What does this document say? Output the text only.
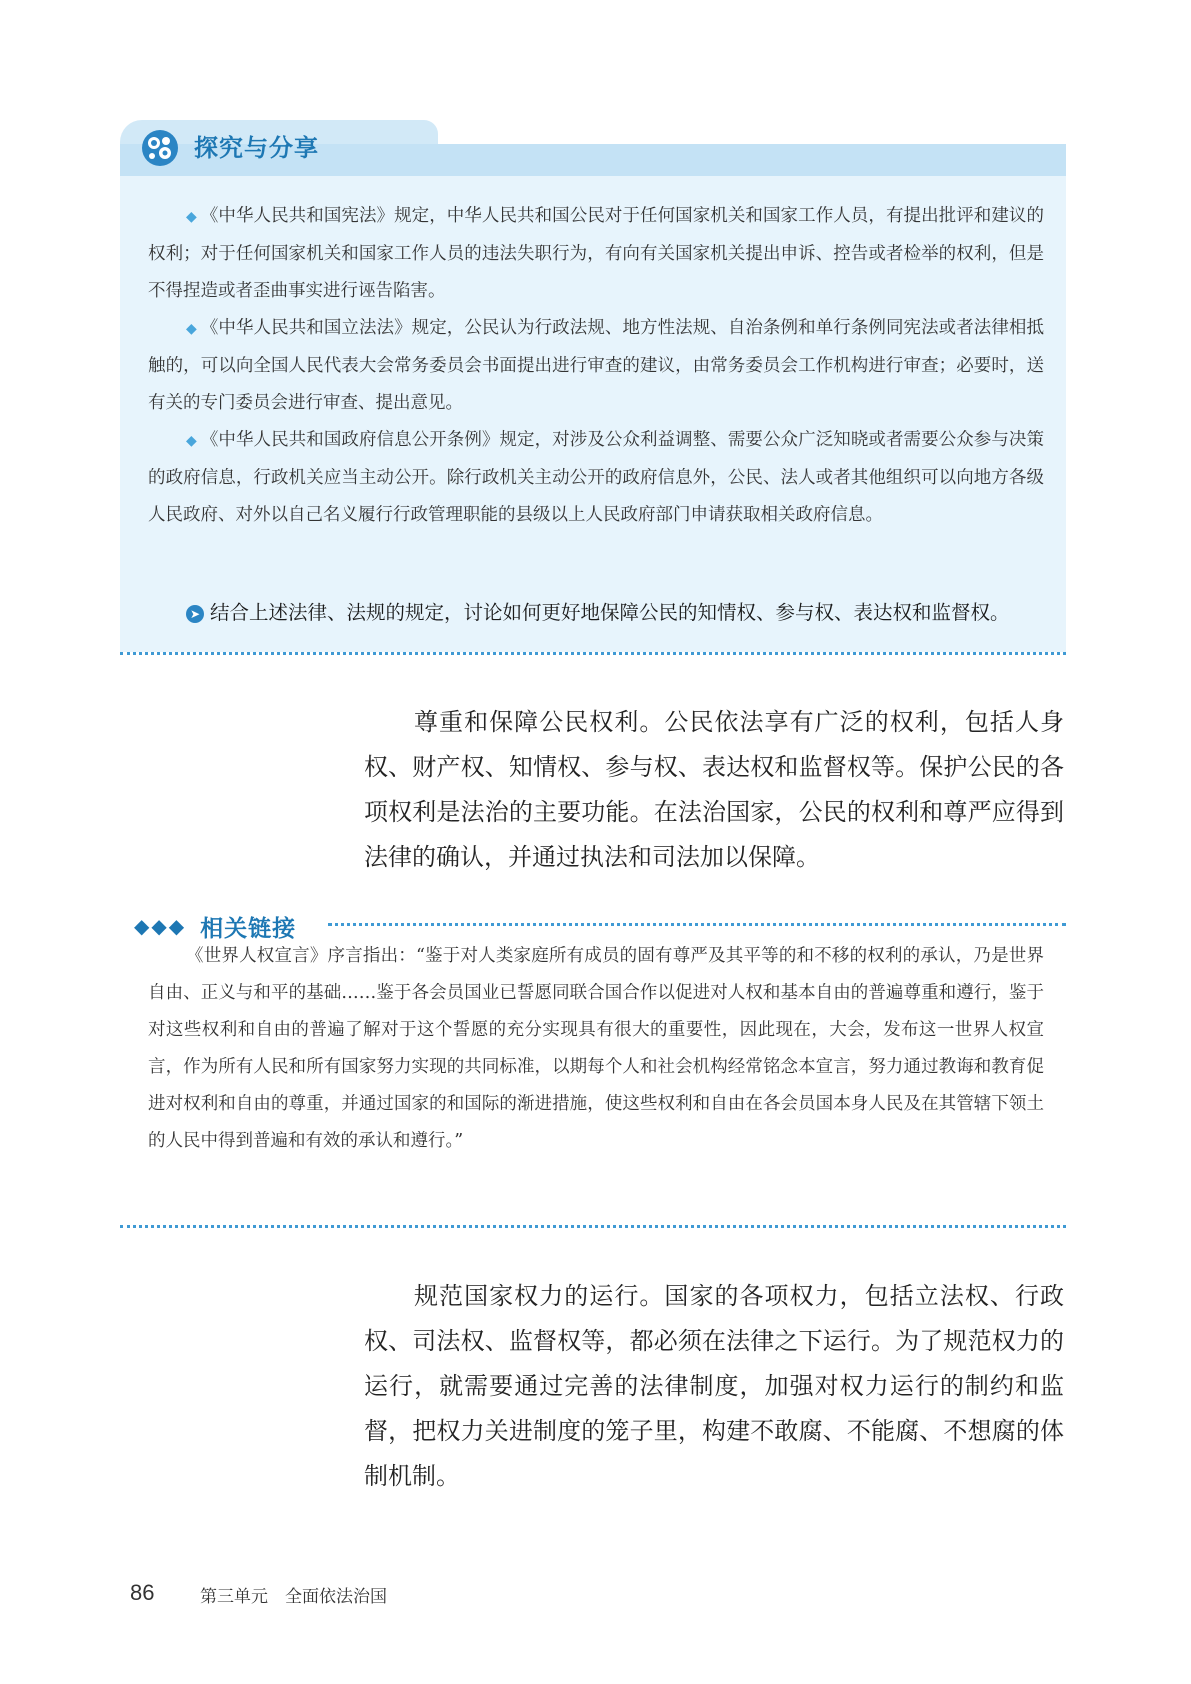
探究与分享

◆ 《中华人民共和国宪法》规定，中华人民共和国公民对于任何国家机关和国家工作人员，有提出批评和建议的权利；对于任何国家机关和国家工作人员的违法失职行为，有向有关国家机关提出申诉、控告或者检举的权利，但是不得捏造或者歪曲事实进行诬告陷害。

◆ 《中华人民共和国立法法》规定，公民认为行政法规、地方性法规、自治条例和单行条例同宪法或者法律相抵触的，可以向全国人民代表大会常务委员会书面提出进行审查的建议，由常务委员会工作机构进行审查；必要时，送有关的专门委员会进行审查、提出意见。

◆ 《中华人民共和国政府信息公开条例》规定，对涉及公众利益调整、需要公众广泛知晓或者需要公众参与决策的政府信息，行政机关应当主动公开。除行政机关主动公开的政府信息外，公民、法人或者其他组织可以向地方各级人民政府、对外以自己名义履行行政管理职能的县级以上人民政府部门申请获取相关政府信息。

➤ 结合上述法律、法规的规定，讨论如何更好地保障公民的知情权、参与权、表达权和监督权。

尊重和保障公民权利。公民依法享有广泛的权利，包括人身权、财产权、知情权、参与权、表达权和监督权等。保护公民的各项权利是法治的主要功能。在法治国家，公民的权利和尊严应得到法律的确认，并通过执法和司法加以保障。

◆◆◆ 相关链接

《世界人权宣言》序言指出：“鉴于对人类家庭所有成员的固有尊严及其平等的和不移的权利的承认，乃是世界自由、正义与和平的基础……鉴于各会员国业已誓愿同联合国合作以促进对人权和基本自由的普遍尊重和遵行，鉴于对这些权利和自由的普遍了解对于这个誓愿的充分实现具有很大的重要性，因此现在，大会，发布这一世界人权宣言，作为所有人民和所有国家努力实现的共同标准，以期每个人和社会机构经常铭念本宣言，努力通过教诲和教育促进对权利和自由的尊重，并通过国家的和国际的渐进措施，使这些权利和自由在各会员国本身人民及在其管辖下领土的人民中得到普遍和有效的承认和遵行。”

规范国家权力的运行。国家的各项权力，包括立法权、行政权、司法权、监督权等，都必须在法律之下运行。为了规范权力的运行，就需要通过完善的法律制度，加强对权力运行的制约和监督，把权力关进制度的笼子里，构建不敢腐、不能腐、不想腐的体制机制。

86	第三单元　全面依法治国
